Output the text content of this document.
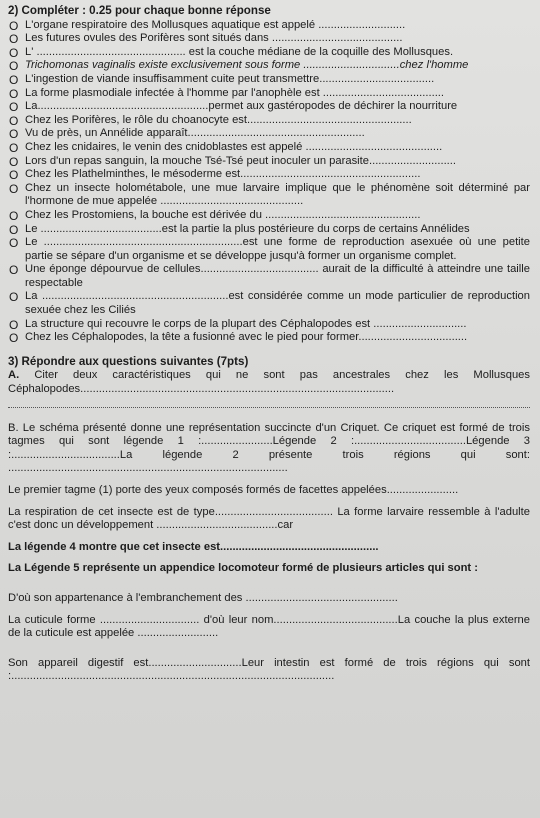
2) Compléter : 0.25 pour chaque bonne réponse
O L'organe respiratoire des Mollusques aquatique est appelé ............................
O Les futures ovules des Porifères sont situés dans ..........................................
O L' ................................................ est la couche médiane de la coquille des Mollusques.
O Trichomonas vaginalis existe exclusivement sous forme ...............................chez l'homme
O L'ingestion de viande insuffisamment cuite peut transmettre.....................................
O La forme plasmodiale infectée à l'homme par l'anophèle est .......................................
O La.......................................................permet aux gastéropodes de déchirer la nourriture
O Chez les Porifères, le rôle du choanocyte est.....................................................
O Vu de près, un Annélide apparaît.........................................................
O Chez les cnidaires, le venin des cnidoblastes est appelé ............................................
O Lors d'un repas sanguin, la mouche Tsé-Tsé peut inoculer un parasite............................
O Chez les Plathelminthes, le mésoderme est..........................................................
O Chez un insecte holométabole, une mue larvaire implique que le phénomène soit déterminé par l'hormone de mue appelée ..............................................
O Chez les Prostomiens, la bouche est dérivée du ..................................................
O Le .......................................est la partie la plus postérieure du corps de certains Annélides
O Le ................................................................est une forme de reproduction asexuée où une petite partie se sépare d'un organisme et se développe jusqu'à former un organisme complet.
O Une éponge dépourvue de cellules...................................... aurait de la difficulté à atteindre une taille respectable
O La ............................................................est considérée comme un mode particulier de reproduction sexuée chez les Ciliés
O La structure qui recouvre le corps de la plupart des Céphalopodes est ..............................
O Chez les Céphalopodes, la tête a fusionné avec le pied pour former...................................
3) Répondre aux questions suivantes (7pts)
A. Citer deux caractéristiques qui ne sont pas ancestrales chez les Mollusques Céphalopodes.....................................................................................................
B. Le schéma présenté donne une représentation succincte d'un Criquet. Ce criquet est formé de trois tagmes qui sont légende 1 :.......................Légende 2 :....................................Légende 3 :...................................La légende 2 présente trois régions qui sont: ..........................................................................................
Le premier tagme (1) porte des yeux composés formés de facettes appelées.......................
La respiration de cet insecte est de type...................................... La forme larvaire ressemble à l'adulte c'est donc un développement .......................................car
La légende 4 montre que cet insecte est...................................................
La Légende 5 représente un appendice locomoteur formé de plusieurs articles qui sont :
D'où son appartenance à l'embranchement des .................................................
La cuticule forme ................................ d'où leur nom........................................La couche la plus externe de la cuticule est appelée ..........................
Son appareil digestif est..............................Leur intestin est formé de trois régions qui sont :........................................................................................................
